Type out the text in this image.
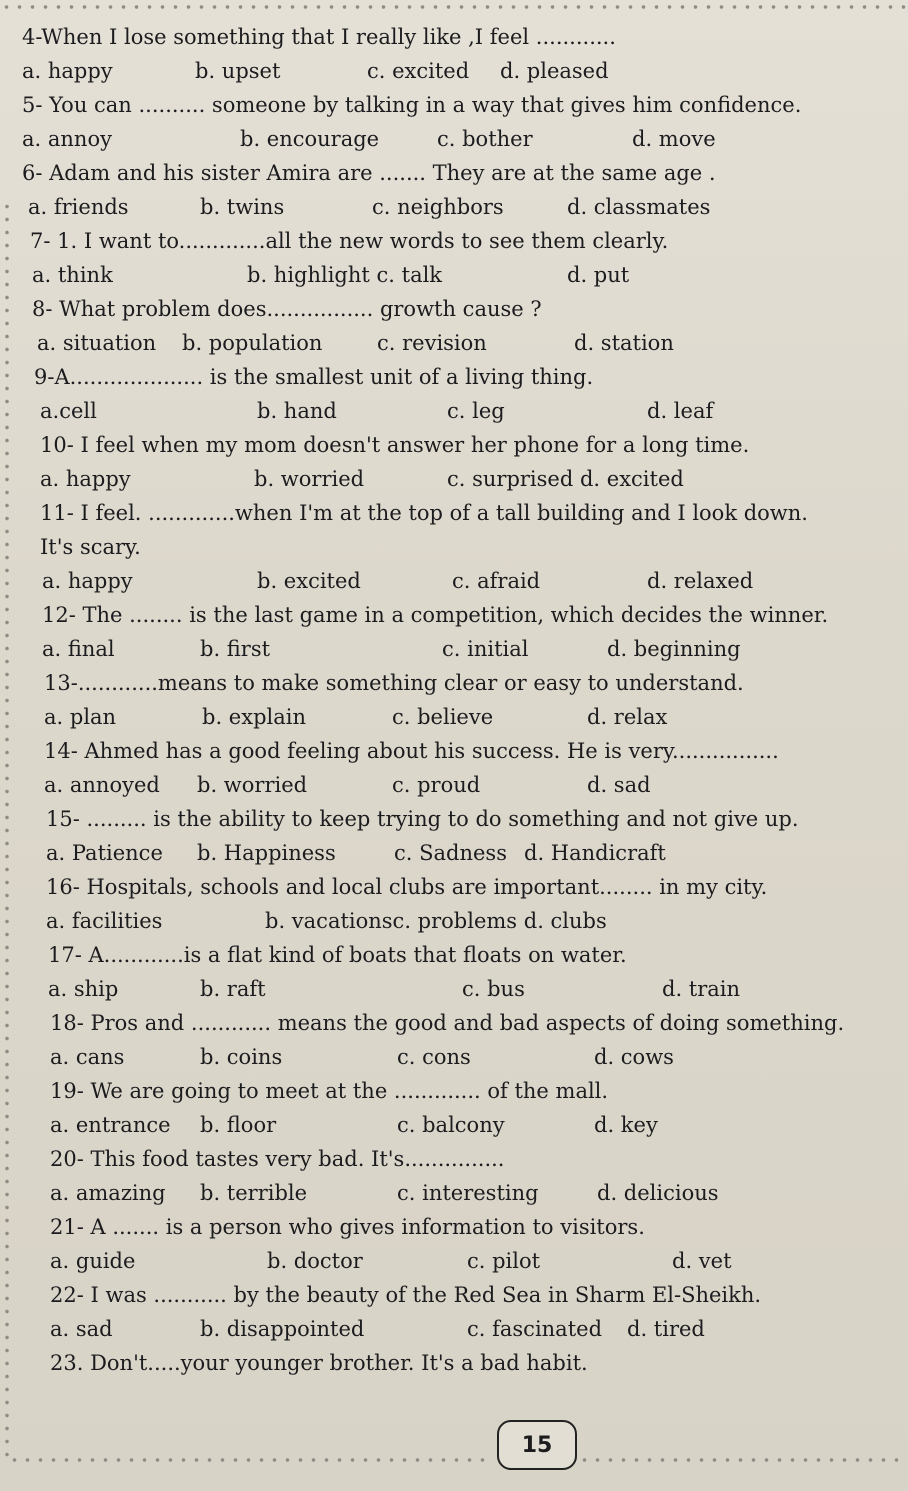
4-When I lose something that I really like ,I feel ............
a. happy	b. upset	c. excited d. pleased
5- You can .......... someone by talking in a way that gives him confidence.
a. annoy	b. encourage	c. bother	d. move
6- Adam and his sister Amira are ....... They are at the same age .
a. friends	b. twins	c. neighbors	d. classmates
7- 1. I want to.............all the new words to see them clearly.
a. think	b. highlight c. talk	d. put
8- What problem does................ growth cause ?
a. situation b. population	c. revision	d. station
9-A.................... is the smallest unit of a living thing.
a.cell	b. hand	c. leg	d. leaf
10- I feel when my mom doesn't answer her phone for a long time.
a. happy	b. worried	c. surprised d. excited
11- I feel. .............when I'm at the top of a tall building and I look down.
It's scary.
a. happy	b. excited	c. afraid	d. relaxed
12- The ........ is the last game in a competition, which decides the winner.
a. final	b. first	c. initial	d. beginning
13-............means to make something clear or easy to understand.
a. plan	b. explain	c. believe	d. relax
14- Ahmed has a good feeling about his success. He is very................
a. annoyed b. worried	c. proud	d. sad
15- ......... is the ability to keep trying to do something and not give up.
a. Patience b. Happiness	c. Sadness d. Handicraft
16- Hospitals, schools and local clubs are important........ in my city.
a. facilities	b. vacationsc. problems d. clubs
17- A............is a flat kind of boats that floats on water.
a. ship	b. raft	c. bus	d. train
18- Pros and ............ means the good and bad aspects of doing something.
a. cans	b. coins	c. cons	d. cows
19- We are going to meet at the ............. of the mall.
a. entrance b. floor	c. balcony	d. key
20- This food tastes very bad. It's...............
a. amazing b. terrible	c. interesting	d. delicious
21- A ....... is a person who gives information to visitors.
a. guide	b. doctor	c. pilot	d. vet
22- I was ........... by the beauty of the Red Sea in Sharm El-Sheikh.
a. sad	b. disappointed	c. fascinated d. tired
23. Don't.....your younger brother. It's a bad habit.
15
